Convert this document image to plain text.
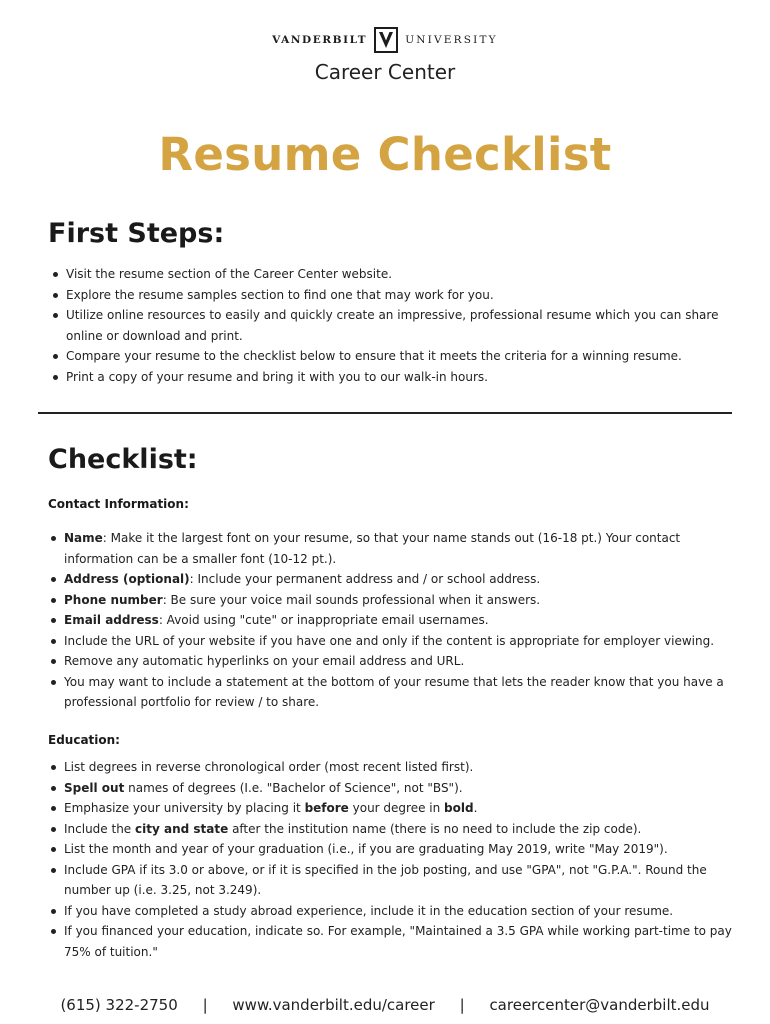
VANDERBILT	UNIVERSITY
Career Center
Resume Checklist
First Steps:
Visit the resume section of the Career Center website.
Explore the resume samples section to find one that may work for you.
Utilize online resources to easily and quickly create an impressive, professional resume which you can share online or download and print.
Compare your resume to the checklist below to ensure that it meets the criteria for a winning resume.
Print a copy of your resume and bring it with you to our walk-in hours.
Checklist:
Contact Information:
Name: Make it the largest font on your resume, so that your name stands out (16-18 pt.) Your contact information can be a smaller font (10-12 pt.).
Address (optional): Include your permanent address and / or school address.
Phone number: Be sure your voice mail sounds professional when it answers.
Email address: Avoid using "cute" or inappropriate email usernames.
Include the URL of your website if you have one and only if the content is appropriate for employer viewing.
Remove any automatic hyperlinks on your email address and URL.
You may want to include a statement at the bottom of your resume that lets the reader know that you have a professional portfolio for review / to share.
Education:
List degrees in reverse chronological order (most recent listed first).
Spell out names of degrees (I.e. "Bachelor of Science", not "BS").
Emphasize your university by placing it before your degree in bold.
Include the city and state after the institution name (there is no need to include the zip code).
List the month and year of your graduation (i.e., if you are graduating May 2019, write "May 2019").
Include GPA if its 3.0 or above, or if it is specified in the job posting, and use "GPA", not "G.P.A.". Round the number up (i.e. 3.25, not 3.249).
If you have completed a study abroad experience, include it in the education section of your resume.
If you financed your education, indicate so. For example, "Maintained a 3.5 GPA while working part-time to pay 75% of tuition."
(615) 322-2750 | www.vanderbilt.edu/career | careercenter@vanderbilt.edu
